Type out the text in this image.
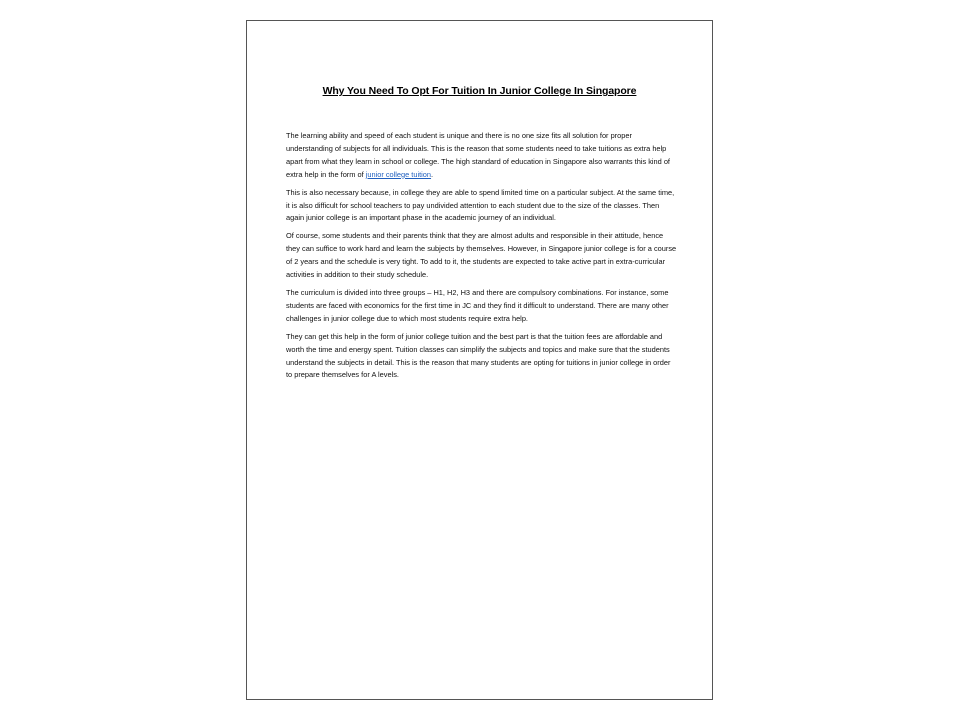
Why You Need To Opt For Tuition In Junior College In Singapore

The learning ability and speed of each student is unique and there is no one size fits all solution for proper understanding of subjects for all individuals. This is the reason that some students need to take tuitions as extra help apart from what they learn in school or college. The high standard of education in Singapore also warrants this kind of extra help in the form of junior college tuition.

This is also necessary because, in college they are able to spend limited time on a particular subject. At the same time, it is also difficult for school teachers to pay undivided attention to each student due to the size of the classes. Then again junior college is an important phase in the academic journey of an individual.

Of course, some students and their parents think that they are almost adults and responsible in their attitude, hence they can suffice to work hard and learn the subjects by themselves. However, in Singapore junior college is for a course of 2 years and the schedule is very tight. To add to it, the students are expected to take active part in extra-curricular activities in addition to their study schedule.

The curriculum is divided into three groups – H1, H2, H3 and there are compulsory combinations. For instance, some students are faced with economics for the first time in JC and they find it difficult to understand. There are many other challenges in junior college due to which most students require extra help.

They can get this help in the form of junior college tuition and the best part is that the tuition fees are affordable and worth the time and energy spent. Tuition classes can simplify the subjects and topics and make sure that the students understand the subjects in detail. This is the reason that many students are opting for tuitions in junior college in order to prepare themselves for A levels.
